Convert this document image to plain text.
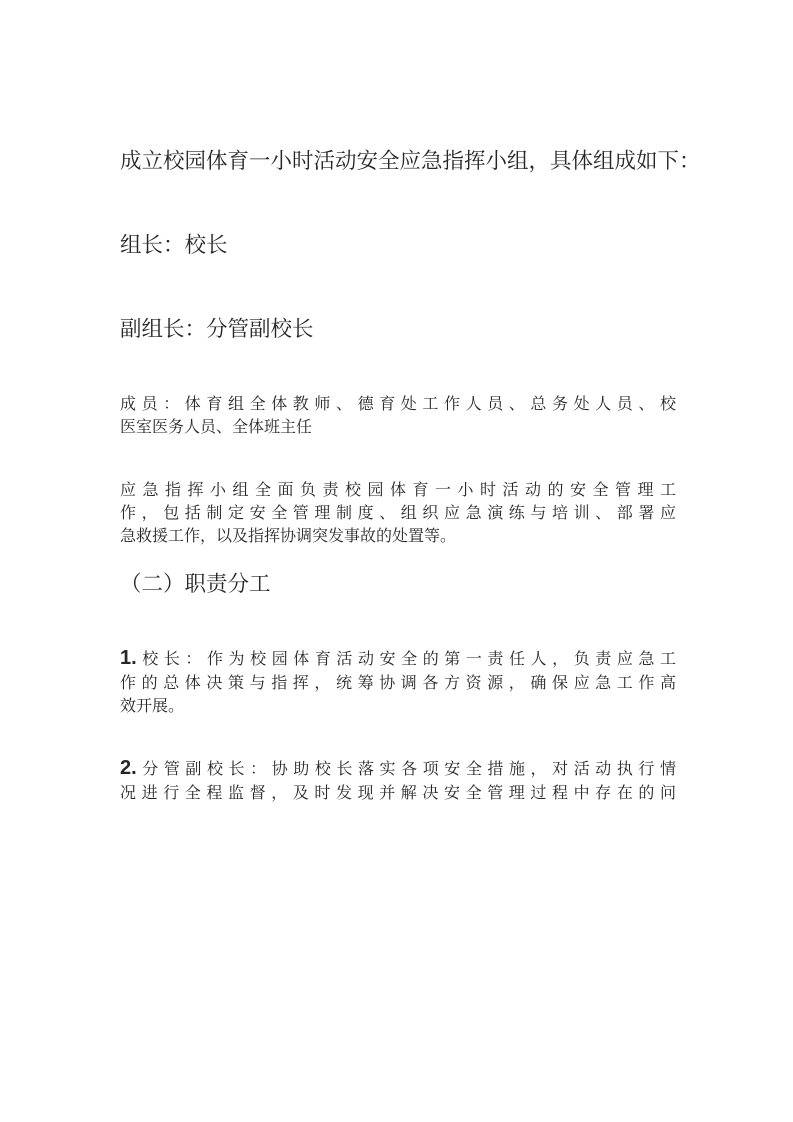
成立校园体育一小时活动安全应急指挥小组，具体组成如下：

组长：校长

副组长：分管副校长

成员：体育组全体教师、德育处工作人员、总务处人员、校
医室医务人员、全体班主任

应急指挥小组全面负责校园体育一小时活动的安全管理工
作，包括制定安全管理制度、组织应急演练与培训、部署应
急救援工作，以及指挥协调突发事故的处置等。

（二）职责分工

1.校长：作为校园体育活动安全的第一责任人，负责应急工
作的总体决策与指挥，统筹协调各方资源，确保应急工作高
效开展。

2.分管副校长：协助校长落实各项安全措施，对活动执行情
况进行全程监督，及时发现并解决安全管理过程中存在的问
